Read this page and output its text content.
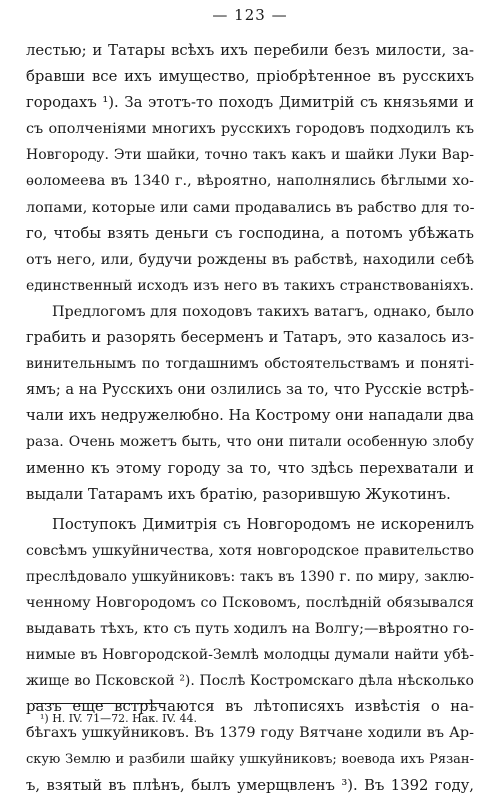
— 123 —
лестью; и Татары всѣхъ ихъ перебили безъ милости, за-
бравши все ихъ имущество, пріобрѣтенное въ русскихъ
городахъ ¹). За этотъ-то походъ Димитрій съ князьями и
съ ополченіями многихъ русскихъ городовъ подходилъ къ
Новгороду. Эти шайки, точно такъ какъ и шайки Луки Вар-
ѳоломеева въ 1340 г., вѣроятно, наполнялись бѣглыми хо-
лопами, которые или сами продавались въ рабство для то-
го, чтобы взять деньги съ господина, а потомъ убѣжать
отъ него, или, будучи рождены въ рабствѣ, находили себѣ
единственный исходъ изъ него въ такихъ странствованіяхъ.
Предлогомъ для походовъ такихъ ватагъ, однако, было
грабить и разорять бесерменъ и Татаръ, это казалось из-
винительнымъ по тогдашнимъ обстоятельствамъ и понятi-
ямъ; а на Русскихъ они озлились за то, что Русскіе встрѣ-
чали ихъ недружелюбно. На Кострому они нападали два
раза. Очень можетъ быть, что они питали особенную злобу
именно къ этому городу за то, что здѣсь перехватали и
выдали Татарамъ ихъ братію, разорившую Жукотинъ.
Поступокъ Димитрія съ Новгородомъ не искоренилъ
совсѣмъ ушкуйничества, хотя новгородское правительство
преслѣдовало ушкуйниковъ: такъ въ 1390 г. по миру, заклю-
ченному Новгородомъ со Псковомъ, послѣдній обязывался
выдавать тѣхъ, кто съ путь ходилъ на Волгу;—вѣроятно го-
нимые въ Новгородской-Землѣ молодцы думали найти убѣ-
жище во Псковской ²). Послѣ Костромскаго дѣла нѣсколько
разъ еще встрѣчаются въ лѣтописяхъ извѣстія о на-
бѣгахъ ушкуйниковъ. Въ 1379 году Вятчане ходили въ Ар-
скую Землю и разбили шайку ушкуйниковъ; воевода ихъ Рязан-
ъ, взятый въ плѣнъ, былъ умерщвленъ ³). Въ 1392 году,
¹) Н. IV. 71—72. Нак. IV. 44.
